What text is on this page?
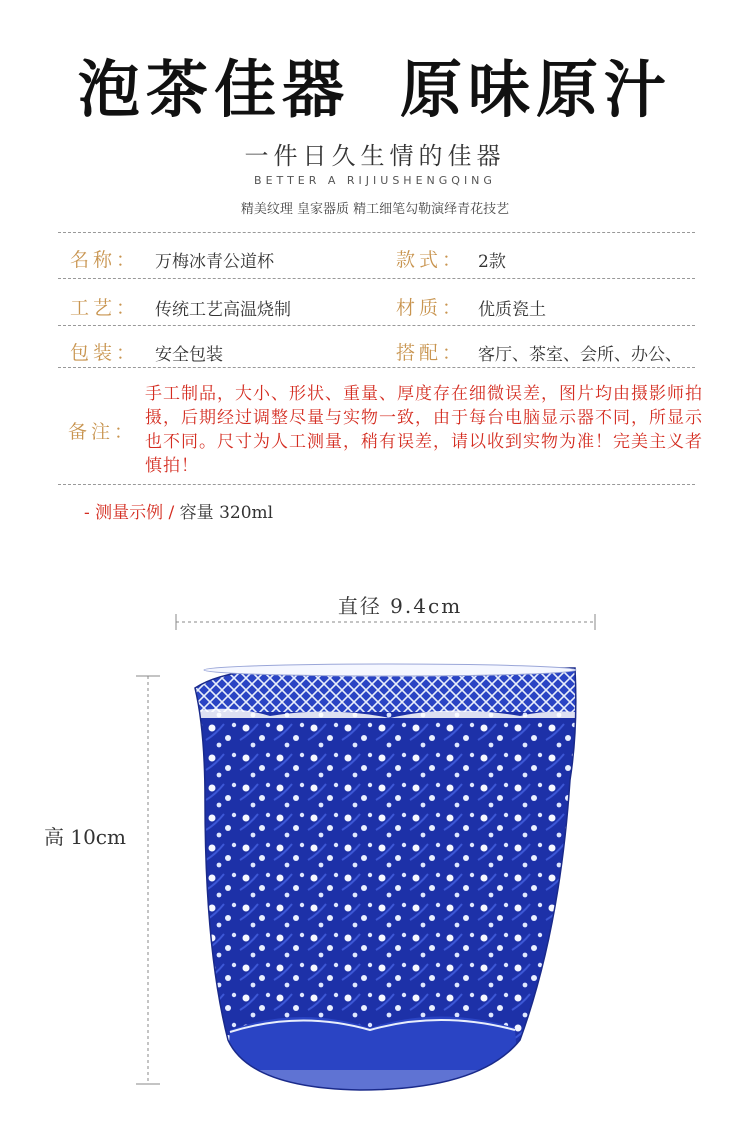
泡茶佳器 原味原汁
一件日久生情的佳器
BETTER A RIJIUSHENGQING
精美纹理 皇家器质 精工细笔勾勒演绎青花技艺
名称： 万梅冰青公道杯	款式： 2款
工艺： 传统工艺高温烧制	材质： 优质瓷土
包装： 安全包装	搭配： 客厅、茶室、会所、办公、
备注：
手工制品，大小、形状、重量、厚度存在细微误差，图片均由摄影师拍摄，后期经过调整尽量与实物一致，由于每台电脑显示器不同，所显示也不同。尺寸为人工测量，稍有误差，请以收到实物为准！完美主义者慎拍！
- 测量示例 / 容量 320ml
直径 9.4cm
高 10cm
